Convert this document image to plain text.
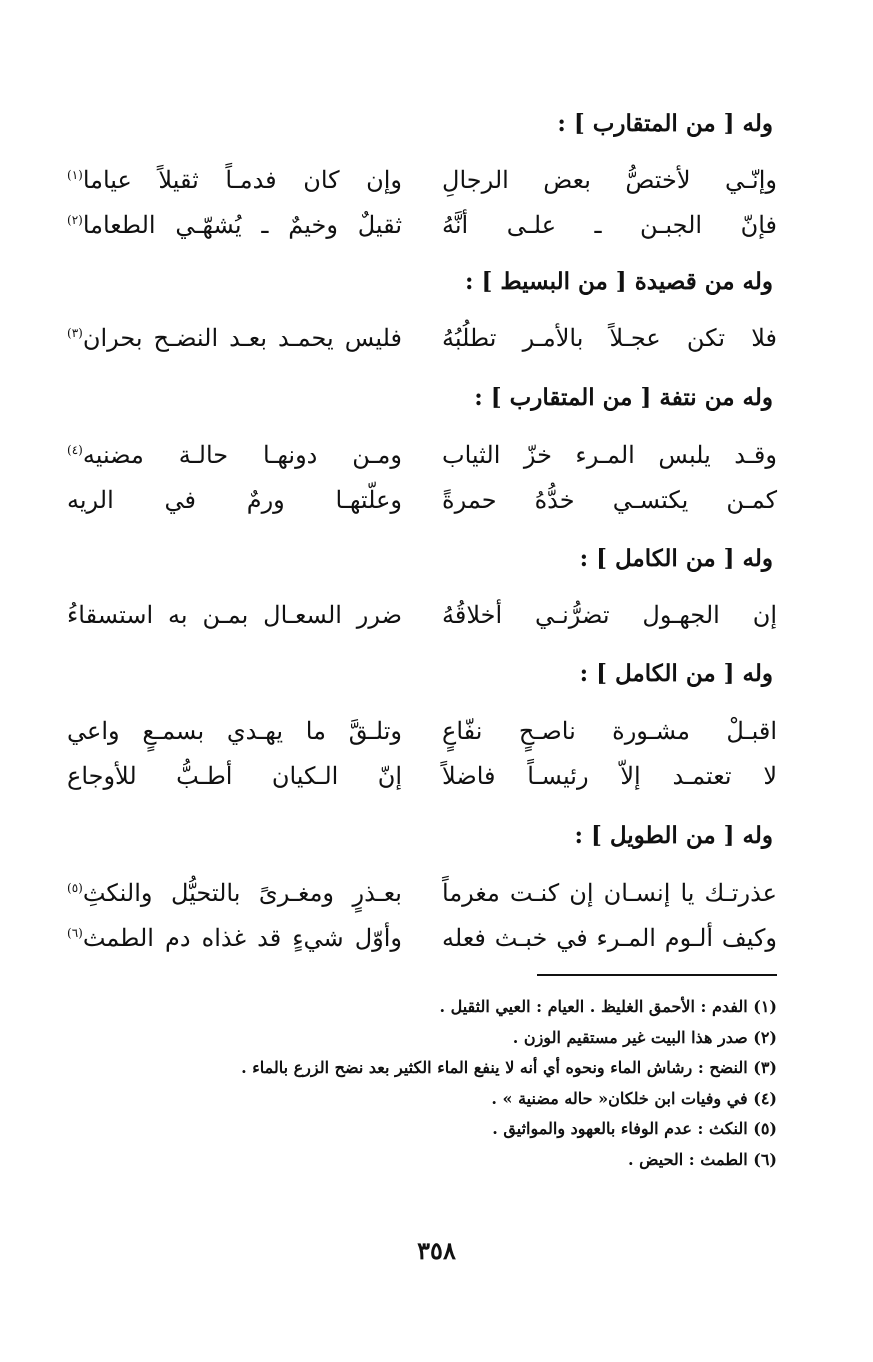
وله [ من المتقارب ] :
وإنّـي لأختصُّ بعض الرجالِ
وإن كان فدمـاً ثقيلاً عياما$^{(١)}$
فإنّ الجبـن ـ علـى أنَّهُ
ثقيلٌ وخيمٌ ـ يُشهّـي الطعاما$^{(٢)}$
وله من قصيدة [ من البسيط ] :
فلا تكن عجـلاً بالأمـر تطلُبُهُ
فليس يحمـد بعـد النضـح بحران$^{(٣)}$
وله من نتفة [ من المتقارب ] :
وقـد يلبس المـرء خزّ الثياب
ومـن دونهـا حالـة مضنيه$^{(٤)}$
كمـن يكتسـي خدُّهُ حمرةً
وعلّتهـا ورمٌ في الريه
وله [ من الكامل ] :
إن الجهـول تضرُّنـي أخلاقُهُ
ضرر السعـال بمـن به استسقاءُ
وله [ من الكامل ] :
اقبـلْ مشـورة ناصـحٍ نفّاعٍ
وتلـقَّ ما يهـدي بسمـعٍ واعي
لا تعتمـد إلاّ رئيسـاً فاضلاً
إنّ الـكيان أطـبُّ للأوجاع
وله [ من الطويل ] :
عذرتـك يا إنسـان إن كنـت مغرماً
بعـذرٍ ومغـرىً بالتحيُّل والنكثِ$^{(٥)}$
وكيف ألـوم المـرء في خبـث فعله
وأوّل شيءٍ قد غذاه دم الطمث$^{(٦)}$
(١) الفدم : الأحمق الغليظ . العيام : العيي الثقيل .
(٢) صدر هذا البيت غير مستقيم الوزن .
(٣) النضح : رشاش الماء ونحوه أي أنه لا ينفع الماء الكثير بعد نضح الزرع بالماء .
(٤) في وفيات ابن خلكان« حاله مضنية » .
(٥) النكث : عدم الوفاء بالعهود والمواثيق .
(٦) الطمث : الحيض .
٣٥٨
